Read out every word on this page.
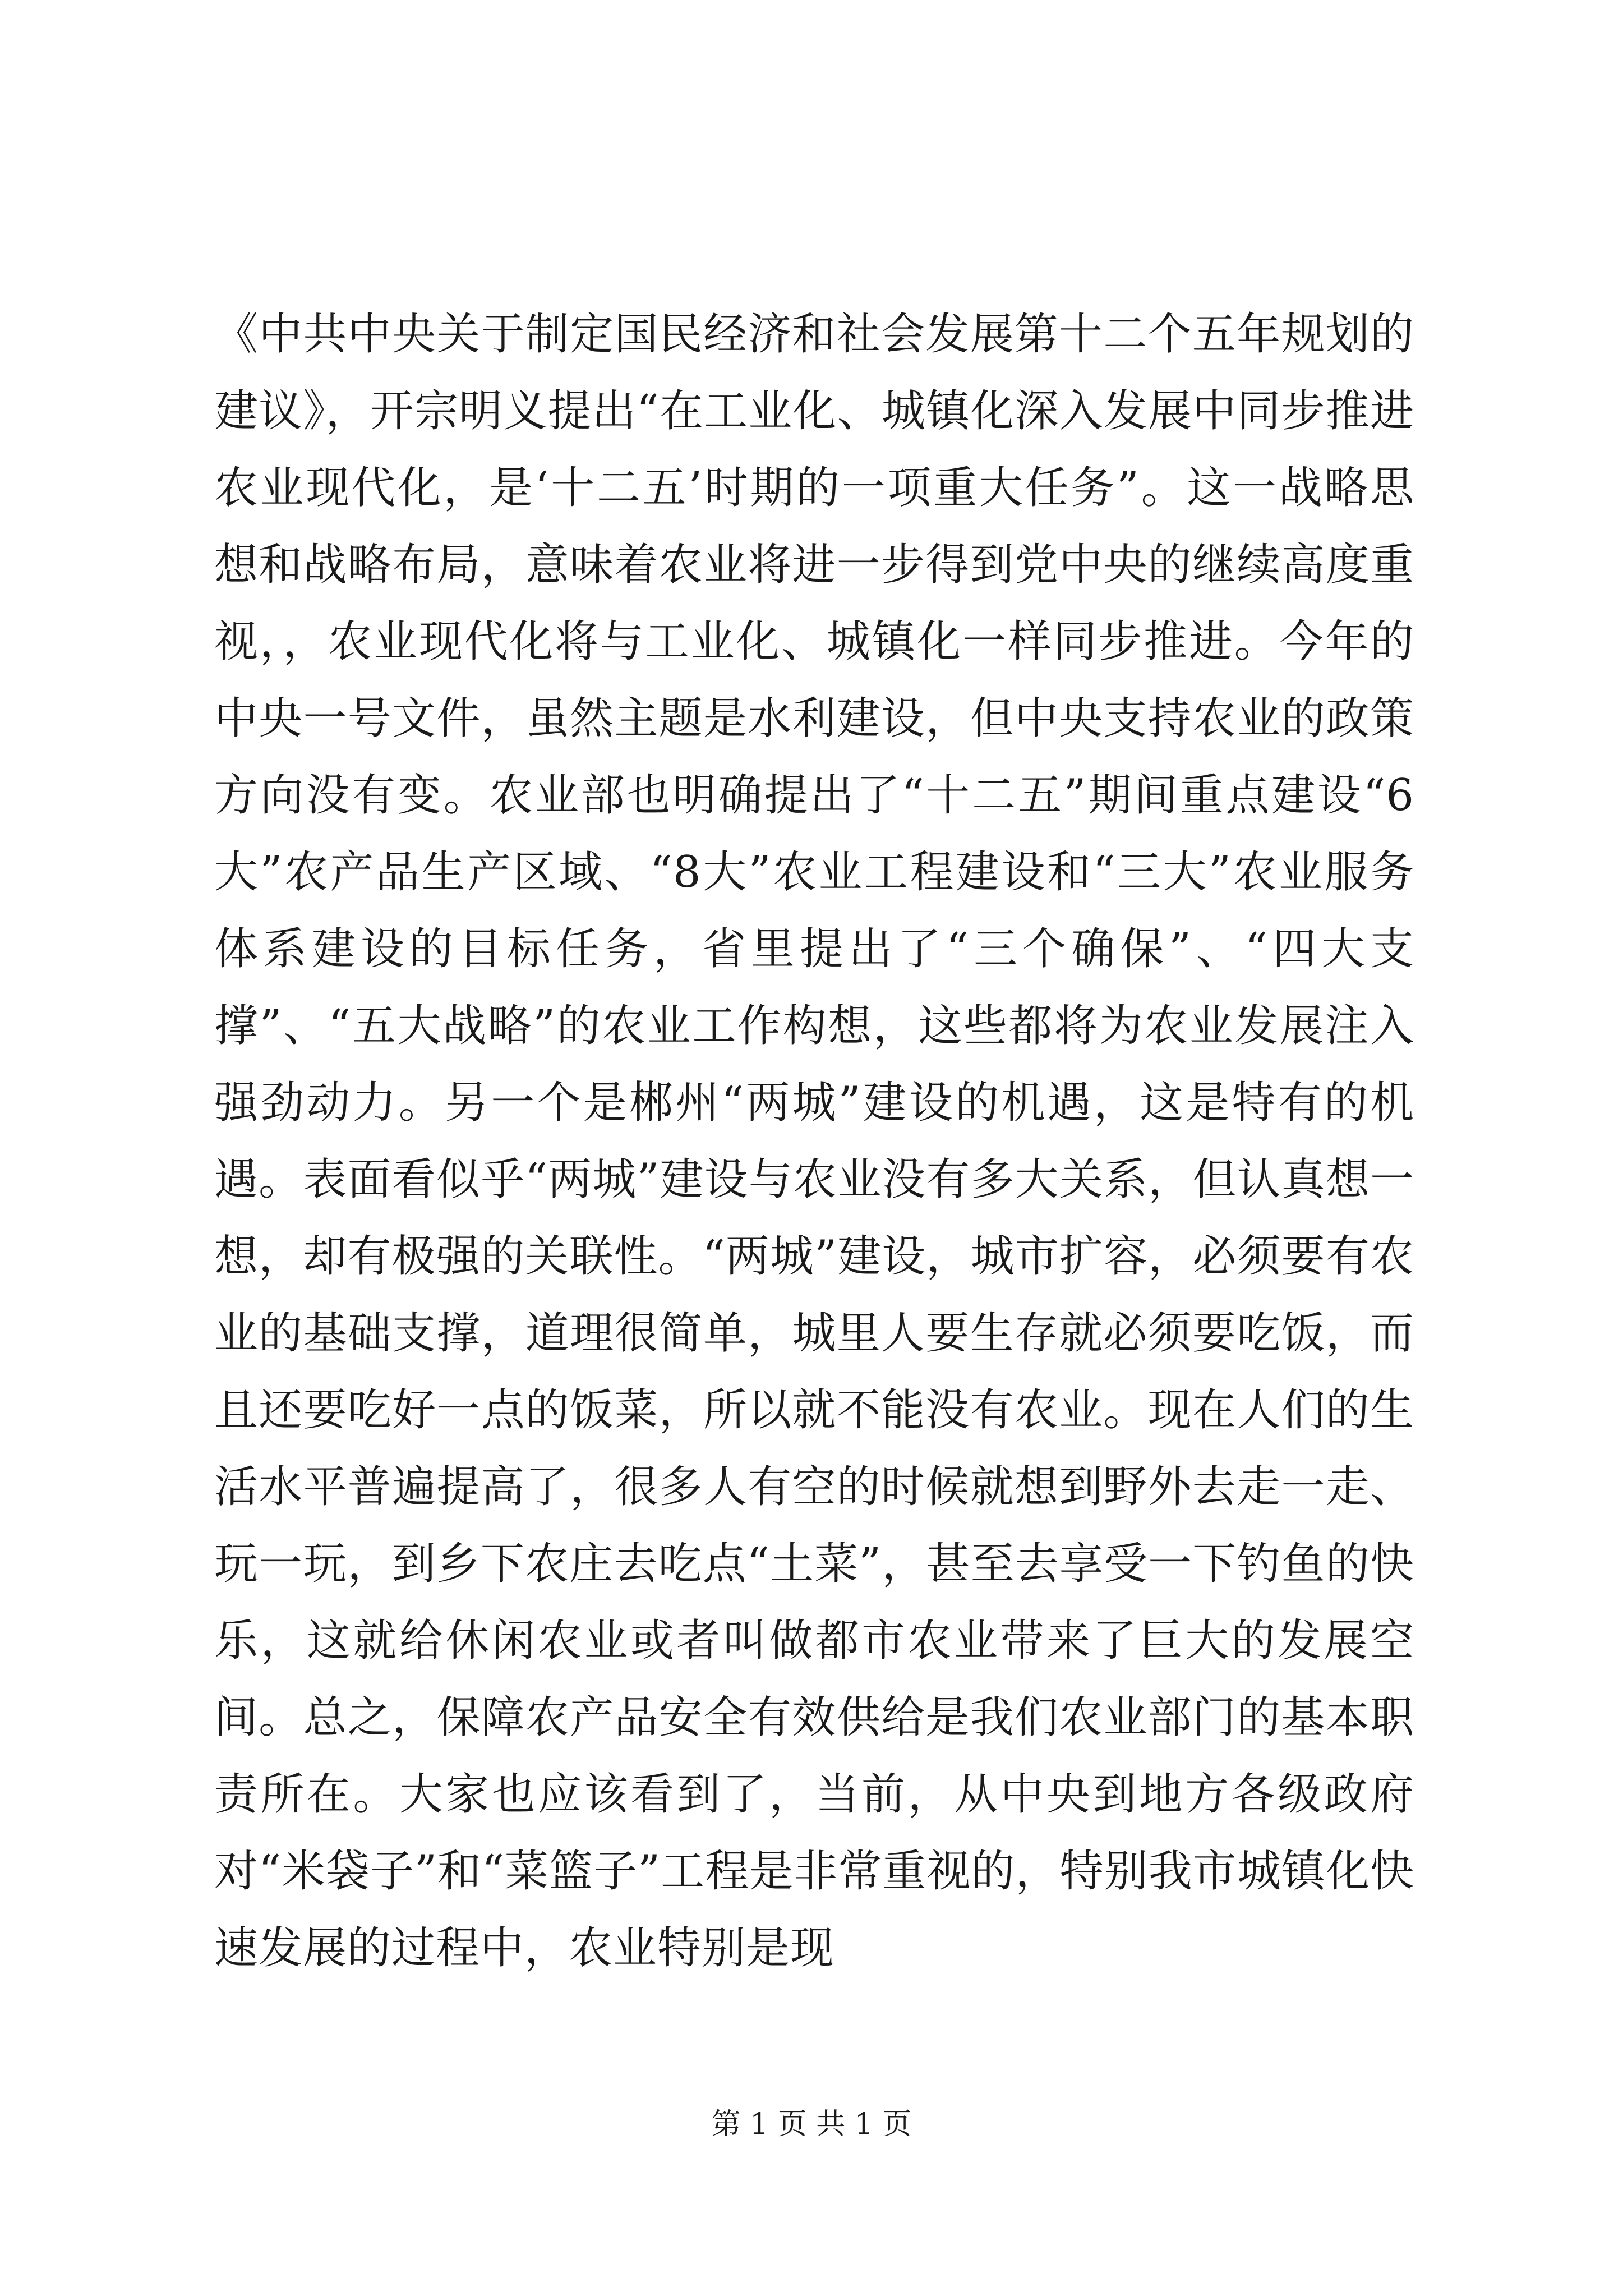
《中共中央关于制定国民经济和社会发展第十二个五年规划的建议》，开宗明义提出“在工业化、城镇化深入发展中同步推进农业现代化，是‘十二五’时期的一项重大任务”。这一战略思想和战略布局，意味着农业将进一步得到党中央的继续高度重视，，农业现代化将与工业化、城镇化一样同步推进。今年的中央一号文件，虽然主题是水利建设，但中央支持农业的政策方向没有变。农业部也明确提出了“十二五”期间重点建设“6大”农产品生产区域、“8大”农业工程建设和“三大”农业服务体系建设的目标任务，省里提出了“三个确保”、“四大支撑”、“五大战略”的农业工作构想，这些都将为农业发展注入强劲动力。另一个是郴州“两城”建设的机遇，这是特有的机遇。表面看似乎“两城”建设与农业没有多大关系，但认真想一想，却有极强的关联性。“两城”建设，城市扩容，必须要有农业的基础支撑，道理很简单，城里人要生存就必须要吃饭，而且还要吃好一点的饭菜，所以就不能没有农业。现在人们的生活水平普遍提高了，很多人有空的时候就想到野外去走一走、玩一玩，到乡下农庄去吃点“土菜”，甚至去享受一下钓鱼的快乐，这就给休闲农业或者叫做都市农业带来了巨大的发展空间。总之，保障农产品安全有效供给是我们农业部门的基本职责所在。大家也应该看到了，当前，从中央到地方各级政府对“米袋子”和“菜篮子”工程是非常重视的，特别我市城镇化快速发展的过程中，农业特别是现

第 1 页 共 1 页
